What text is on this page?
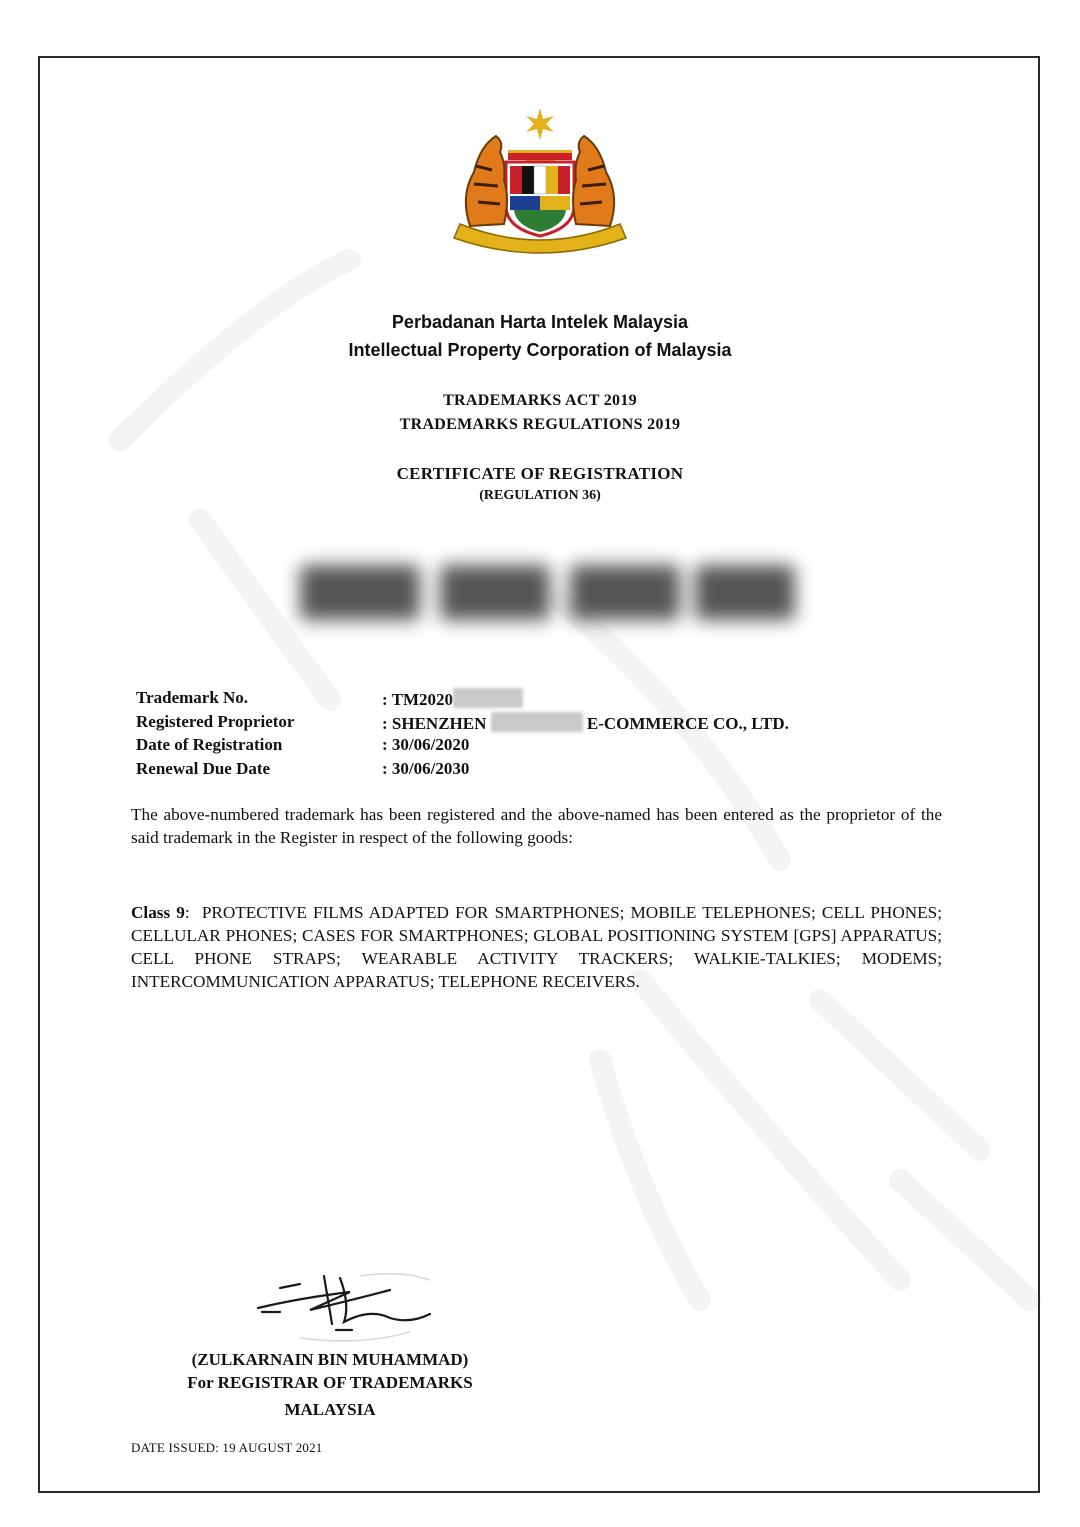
Perbadanan Harta Intelek Malaysia
Intellectual Property Corporation of Malaysia
TRADEMARKS ACT 2019
TRADEMARKS REGULATIONS 2019
CERTIFICATE OF REGISTRATION
(REGULATION 36)
Trademark No.	: TM2020
Registered Proprietor	: SHENZHEN	E-COMMERCE CO., LTD.
Date of Registration	: 30/06/2020
Renewal Due Date	: 30/06/2030
The above-numbered trademark has been registered and the above-named has been entered as the proprietor of the said trademark in the Register in respect of the following goods:
Class 9:  PROTECTIVE FILMS ADAPTED FOR SMARTPHONES; MOBILE TELEPHONES; CELL PHONES; CELLULAR PHONES; CASES FOR SMARTPHONES; GLOBAL POSITIONING SYSTEM [GPS] APPARATUS; CELL PHONE STRAPS; WEARABLE ACTIVITY TRACKERS; WALKIE-TALKIES; MODEMS; INTERCOMMUNICATION APPARATUS; TELEPHONE RECEIVERS.
(ZULKARNAIN BIN MUHAMMAD)
For REGISTRAR OF TRADEMARKS
MALAYSIA
DATE ISSUED: 19 AUGUST 2021
